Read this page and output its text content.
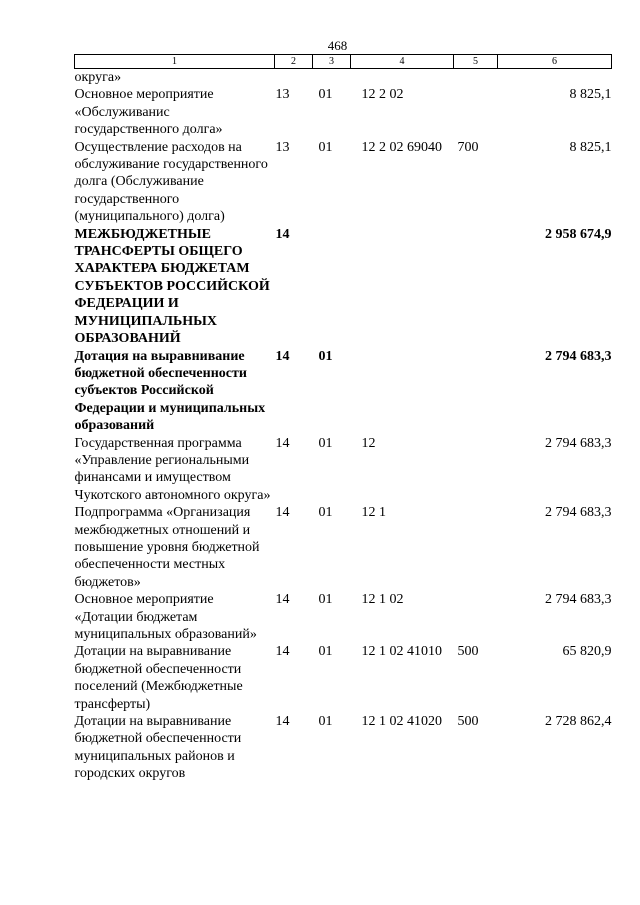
468
1	2	3	4	5	6
округа»					
Основное мероприятие «Обслуживанис государственного долга»	13	01	12 2 02		8 825,1
Осуществление расходов на обслуживание государственного долга (Обслуживание государственного (муниципального) долга)	13	01	12 2 02 69040	700	8 825,1
МЕЖБЮДЖЕТНЫЕ ТРАНСФЕРТЫ ОБЩЕГО ХАРАКТЕРА БЮДЖЕТАМ СУБЪЕКТОВ РОССИЙСКОЙ ФЕДЕРАЦИИ И МУНИЦИПАЛЬНЫХ ОБРАЗОВАНИЙ	14				2 958 674,9
Дотация на выравнивание бюджетной обеспеченности субъектов Российской Федерации и муниципальных образований	14	01			2 794 683,3
Государственная программа «Управление региональными финансами и имуществом Чукотского автономного округа»	14	01	12		2 794 683,3
Подпрограмма «Организация межбюджетных отношений и повышение уровня бюджетной обеспеченности местных бюджетов»	14	01	12 1		2 794 683,3
Основное мероприятие «Дотации бюджетам муниципальных образований»	14	01	12 1 02		2 794 683,3
Дотации на выравнивание бюджетной обеспеченности поселений (Межбюджетные трансферты)	14	01	12 1 02 41010	500	65 820,9
Дотации на выравнивание бюджетной обеспеченности муниципальных районов и городских округов	14	01	12 1 02 41020	500	2 728 862,4
